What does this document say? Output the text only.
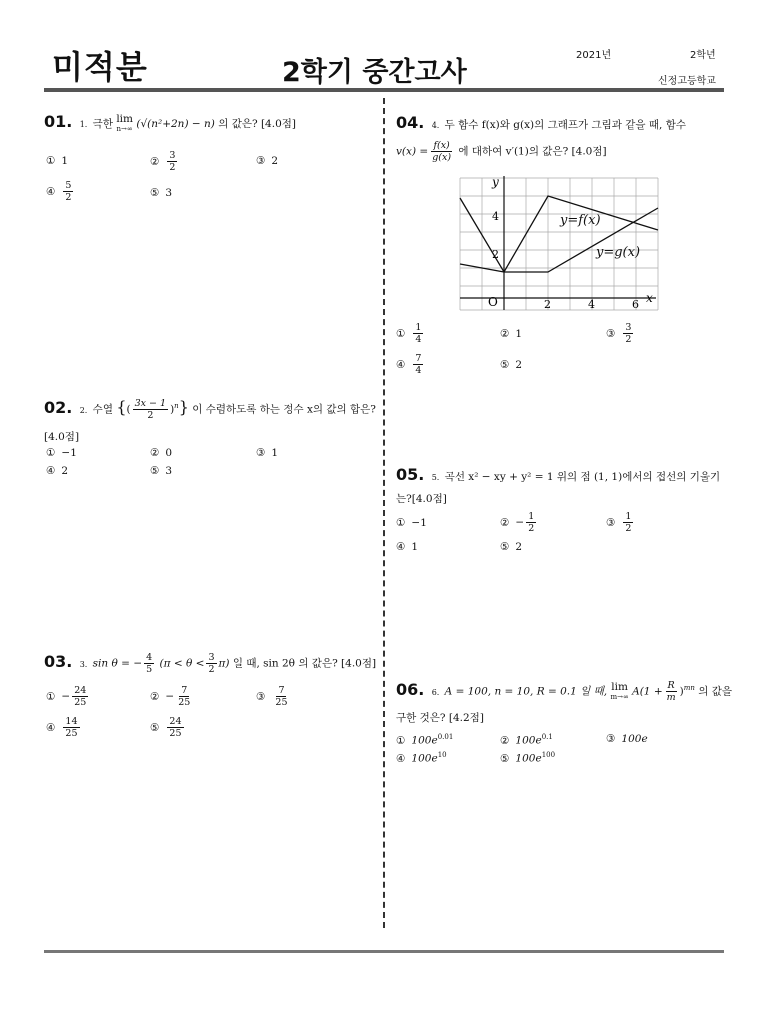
미적분	2학기 중간고사
2021년	2학년
신정고등학교
01. 1. 극한 lim
n→∞ (√(n²+2n) − n) 의 값은? [4.0점]
① 1	② $\frac{3}{2}$	③ 2
④ $\frac{5}{2}$	⑤ 3
02. 2. 수열 {( $\frac{3x - 1}{2} )^n$} 이 수렴하도록 하는 정수 x의 값의 합은?
[4.0점]
① −1	② 0	③ 1
④ 2	⑤ 3
03. 3. sin θ = − $\frac{4}{5} (\pi < \theta < \frac{3}{2} \pi)$ 일 때, sin 2θ 의 값은? [4.0점]
① − $\frac{24}{25}$	② − $\frac{7}{25}$	③ $\frac{7}{25}$
④ $\frac{14}{25}$	⑤ $\frac{24}{25}$
04. 4. 두 함수 f(x)와 g(x)의 그래프가 그림과 같을 때, 함수
$v(x) = \frac{f(x)}{g(x)}$ 에 대하여 v′(1)의 값은? [4.0점]
y
x
O	2	4	6
2
4	y=f(x)
y=g(x)
① $\frac{1}{4}$	② 1	③ $\frac{3}{2}$
④ $\frac{7}{4}$	⑤ 2
05. 5. 곡선 x² − xy + y² = 1 위의 점 (1, 1)에서의 접선의 기울기
는?[4.0점]
① −1	② − $\frac{1}{2}$	③ $\frac{1}{2}$
④ 1	⑤ 2
06. 6. A = 100, n = 10, R = 0.1 일 때, lim
m→∞ $A(1 + \frac{R}{m} )^{mn}$ 의 값을
구한 것은? [4.2점]
① $100e^{0.01}$	② $100e^{0.1}$	③ 100e
④ $100e^{10}$	⑤ $100e^{100}$
